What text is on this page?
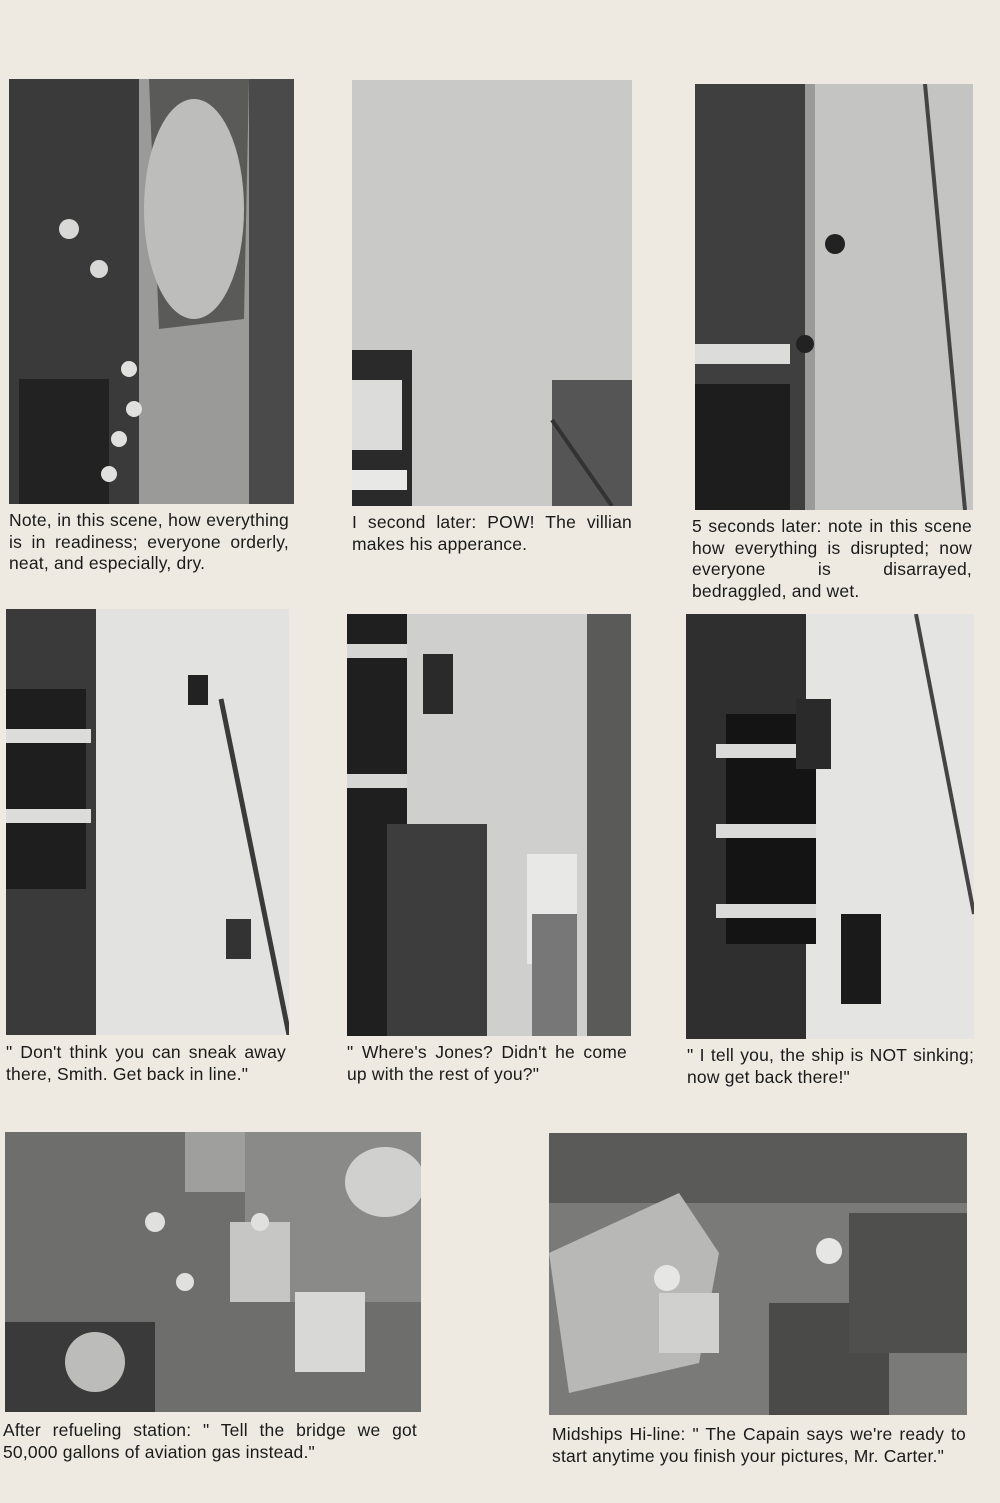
Note, in this scene, how everything is in readiness; everyone orderly, neat, and especially, dry.

I second later: POW! The villian makes his apperance.

5 seconds later: note in this scene how everything is disrupted; now everyone is disarrayed, bedraggled, and wet.

" Don't think you can sneak away there, Smith. Get back in line."

" Where's Jones? Didn't he come up with the rest of you?"

" I tell you, the ship is NOT sinking; now get back there!"

After refueling station: " Tell the bridge we got 50,000 gallons of aviation gas instead."

Midships Hi-line: " The Capain says we're ready to start anytime you finish your pictures, Mr. Carter."
